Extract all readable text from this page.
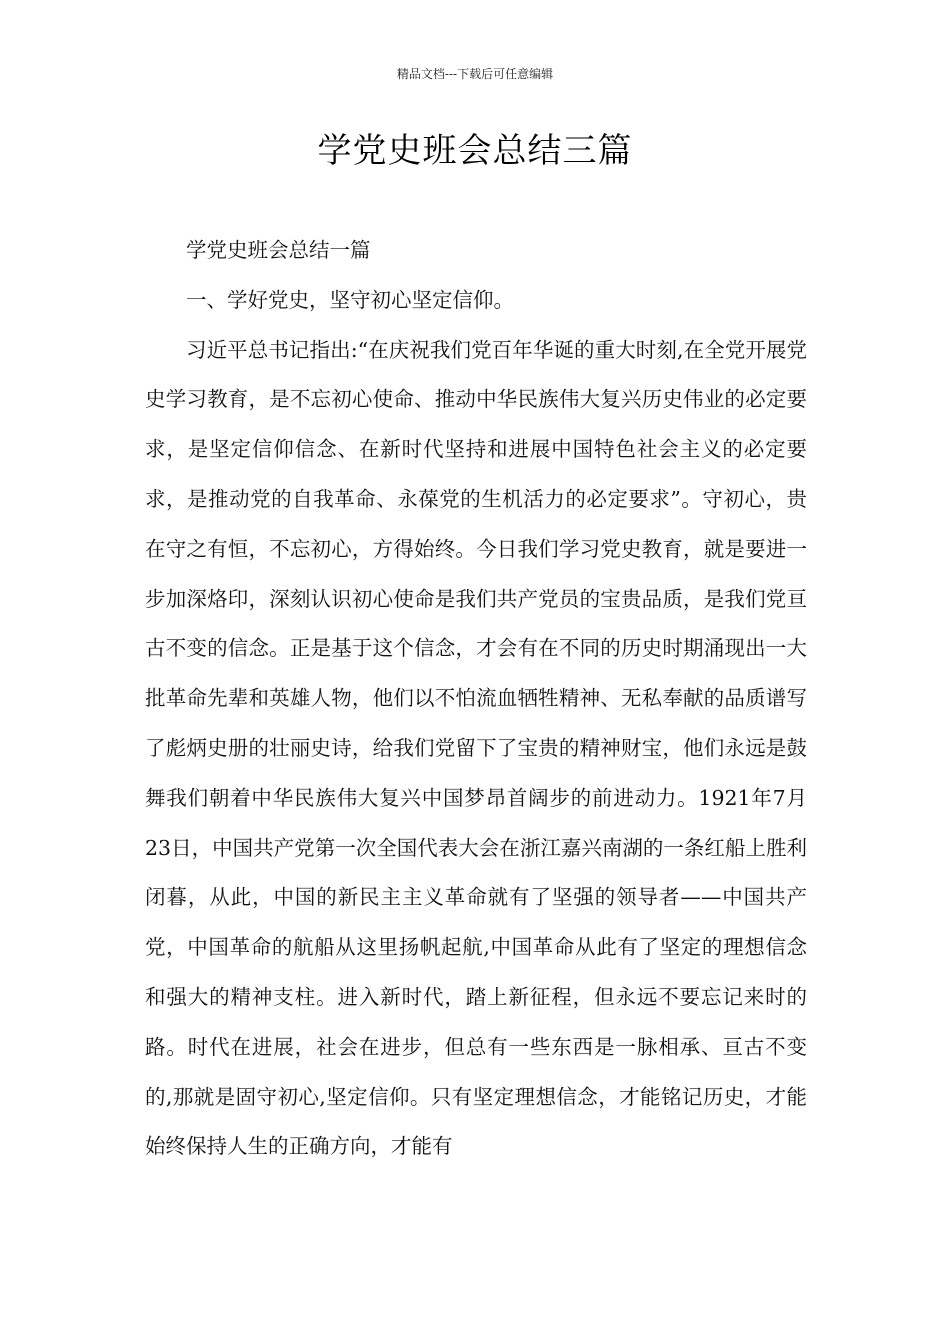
精品文档---下载后可任意编辑
学党史班会总结三篇

学党史班会总结一篇

一、学好党史，坚守初心坚定信仰。

习近平总书记指出:“在庆祝我们党百年华诞的重大时刻,在全党开展党史学习教育，是不忘初心使命、推动中华民族伟大复兴历史伟业的必定要求，是坚定信仰信念、在新时代坚持和进展中国特色社会主义的必定要求，是推动党的自我革命、永葆党的生机活力的必定要求”。守初心，贵在守之有恒，不忘初心，方得始终。今日我们学习党史教育，就是要进一步加深烙印，深刻认识初心使命是我们共产党员的宝贵品质，是我们党亘古不变的信念。正是基于这个信念，才会有在不同的历史时期涌现出一大批革命先辈和英雄人物，他们以不怕流血牺牲精神、无私奉献的品质谱写了彪炳史册的壮丽史诗，给我们党留下了宝贵的精神财宝，他们永远是鼓舞我们朝着中华民族伟大复兴中国梦昂首阔步的前进动力。1921年7月23日，中国共产党第一次全国代表大会在浙江嘉兴南湖的一条红船上胜利闭暮，从此，中国的新民主主义革命就有了坚强的领导者——中国共产党，中国革命的航船从这里扬帆起航,中国革命从此有了坚定的理想信念和强大的精神支柱。进入新时代，踏上新征程，但永远不要忘记来时的路。时代在进展，社会在进步，但总有一些东西是一脉相承、亘古不变的,那就是固守初心,坚定信仰。只有坚定理想信念，才能铭记历史，才能始终保持人生的正确方向，才能有
